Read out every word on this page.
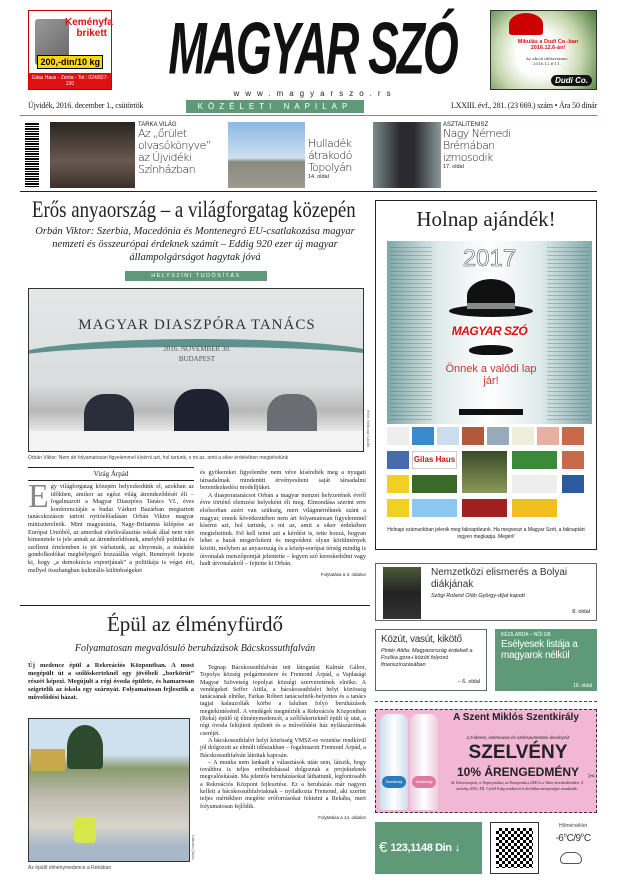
Keményfa brikett
200,-din/10 kg
Gilas Haus - Zenta - Tel.: 024/827-220	MAGYAR SZÓ
www.magyarszo.rs
Mikulás a Dudi Co.-ban 2016.12.6-án!
Az akció időtartama: 2016.12.6-11.
Dudi Co.
Újvidék, 2016. december 1., csütörtök	KÖZÉLETI NAPILAP	LXXIII. évf., 281. (23 669.) szám • Ára 50 dinár
TARKA VILÁG
Az „őrület olvasókönyve” az Újvidéki Színházban
Hulladék átrakodó Topolyán
14. oldal
ASZTALITENISZ
Nagy Némedi Brémában izmosodik
17. oldal
Erős anyaország – a világforgatag közepén
Orbán Viktor: Szerbia, Macedónia és Montenegró EU-csatlakozása magyar nemzeti és összeurópai érdeknek számít – Eddig 920 ezer új magyar állampolgárságot hagytak jóvá
HELYSZÍNI TUDÓSÍTÁS
MAGYAR DIASZPÓRA TANÁCS
2016. NOVEMBER 30.
BUDAPEST
Orbán Viktor: Nem árt folyamatosan figyelemmel kísérni azt, hol tartunk, s mi az, amit a siker érdekében megtehetünk
Fotó: Beliczay László
Virág Árpád
Egy világforgatag közepén helyezkedünk el, azokban az időkben, amikor az egész világ átrendeződését éli – fogalmazott a Magyar Diaszpóra Tanács VI., éves konferenciáján a budai Várkert Bazárban megtartott tanácskozáson tartott nyitóelőadásán Orbán Viktor magyar miniszterelnök. Mint magyarázta, Nagy-Britannia kilépése az Európai Unióból, az amerikai elnökválasztás sokak által nem várt kimenetele is jele annak az átrendeződésnek, amelyből politikai és szellemi értelemben is jót várhatunk, az elnyomás, a másként gondolkodókat megbélyegző hozzáállás végét. Reményét fejezte ki, hogy „a demokrácia exportjának” a politikája is véget ért, mellyel összhangban kulturális különbségeket
és gyökereket figyelembe nem véve kísérelték meg a nyugati társadalmak mindenütt érvényesíteni saját társadalmi berendezkedési modelljüket.

A diasporatanácsot Orbán a magyar nemzet helyzetének évről évre történő elemzési helyeként éli meg. Elmondása szerint erre elsősorban azért van szükség, mert világmértéknek szánt a magyar, ennek következtében nem árt folyamatosan figyelemmel kísérni azt, hol tartunk, s mi az, amit a siker érdekében megtehetünk. Fel kell tenni azt a kérdést is, tette hozzá, hogyan lehet a hazát megerősíteni és megvédeni olyan körülmények között, melyben az anyaország és a közép-európai térség mindig is útvonalak metszőpontját jelentette – legyen szó kereskedelmi vagy hadi útvonalakról – fejtette ki Orbán.

Folytatása a 3. oldalon
Épül az élményfürdő
Folyamatosan megvalósuló beruházások Bácskossuthfalván
Új medence épül a Rekreációs Központban. A most megépült út a szőlőskerteknél egy jövőbeli „borkörút” részét képezi. Megújult a régi óvoda épülete, és hamarosan szigetelik az iskola egy szárnyát. Folyamatosan fejlesztik a művelődési házat.
Lakatos János
Az épülő élménymedence a Rekában

Tegnap Bácskossuthfalván tett látogatást Kalmár Gábor, Topolya község polgármestere és Fremond Árpád, a Vajdasági Magyar Szövetség topolyai községi szervezetének elnöke. A vendégeket Seffer Attila, a bácskossuthfalvi helyi közösség tanácsának elnöke, Farkas Róbert tanácselnök-helyettes és a tanács tagjai kalauzolták körbe a faluban folyó beruházások megtekintésénél. A vendégek megnézték a Rekreációs Központban (Reká) épülő új élménymedencét, a szőlőskerteknél épült új utat, a régi óvoda felújított épületét és a művelődési ház nyílászáróinak cseréjét.

A bácskossuthfalvi helyi közösség VMSZ-es vezetése rendkívül jól dolgozott az elmúlt időszakban – fogalmazott Fremond Árpád, a Bácskossuthfalván látottak kapcsán.

– A munka nem lankadt a választások után sem, látszik, hogy továbbra is teljes erőbedobással dolgoznak a projekteknek megvalósításán. Ma jelentős beruházásokat láthattunk, legfontosabb a Rekreációs Központ fejlesztése. Ez a beruházás már nagyon kellett a bácskossuthfalviaknak – nyilatkozta Fremond, aki szerint teljes mértékben megérte erőforrásokat fektetni a Rekába, mert folyamatosan fejlődik.

Folytatása a 14. oldalon
Holnap ajándék!
2017
MAGYAR SZÓ
Önnek a valódi lap jár!
Gilas Haus
Holnapi számunkban jelenik meg falinaptárunk. Ha megveszi a Magyar Szót, a falinaptárt ingyen megkapja. Megéri!
Nemzetközi elismerés a Bolyai diákjának
Szögi Roland Oláh György-díjat kapott
8. oldal
Közút, vasút, kikötő
Pintér Attila: Magyarország érdekelt a Fruška gora-i közúti folyosó finanszírozásában
– 6. oldal
KÉZILABDA – NŐI EB
Esélyesek listája a magyarok nélkül
16. oldal
Szentkirály	Szentkirály
A Szent Miklós Szentkirály
1,5 literes, szénsavas és szénsavmentes ásványvíz
SZELVÉNY
10% ÁRENGEDMÉNY
Az Universexport, a Tropicproduct, az Europroduct 2000 és a Valor kereskedéseiben. A szelvény 2016. XII. 1-jétől 6-áig rendszerű és korlátlan mennyiségre vonatkozik.
✂
€ 123,1148 Din ↓
Hőmérséklet
-6°C/9°C
